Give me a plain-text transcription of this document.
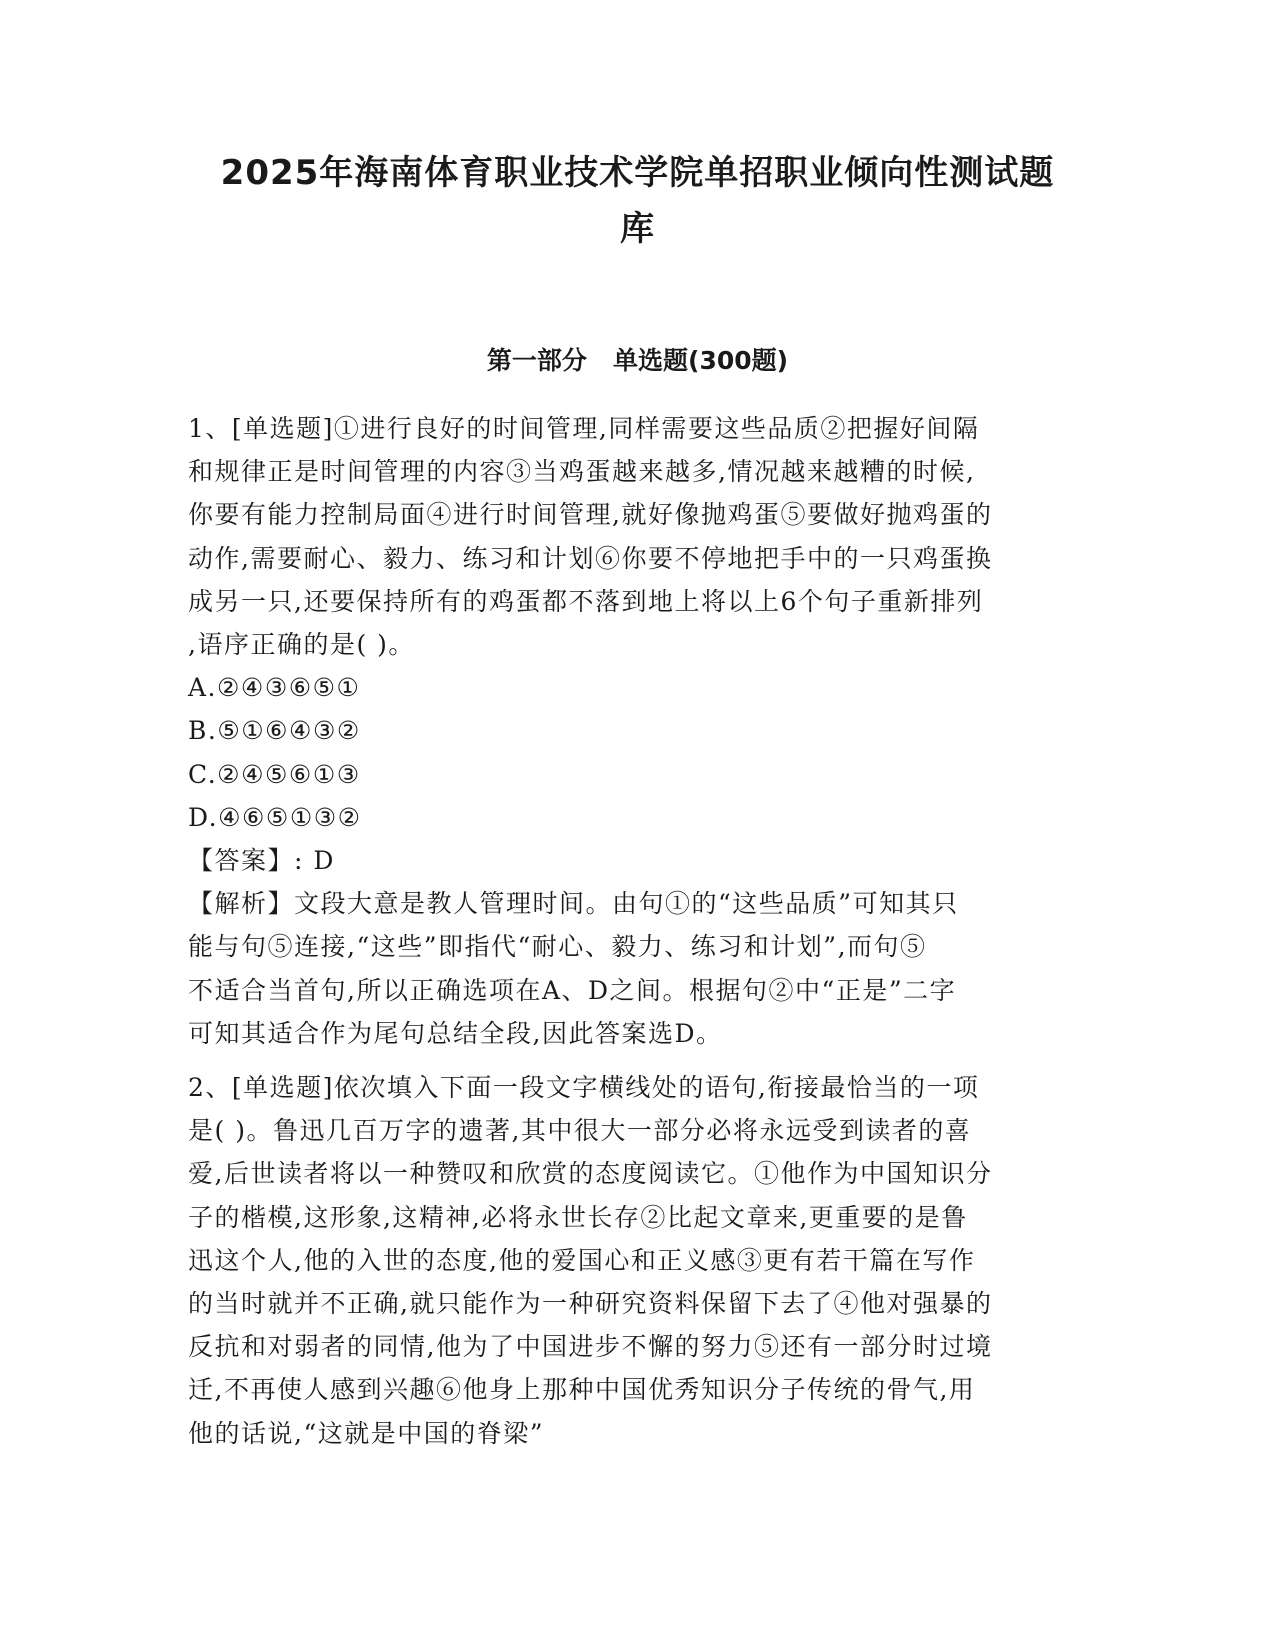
2025年海南体育职业技术学院单招职业倾向性测试题
库
第一部分   单选题(300题)
1、[单选题]①进行良好的时间管理,同样需要这些品质②把握好间隔
和规律正是时间管理的内容③当鸡蛋越来越多,情况越来越糟的时候,
你要有能力控制局面④进行时间管理,就好像抛鸡蛋⑤要做好抛鸡蛋的
动作,需要耐心、毅力、练习和计划⑥你要不停地把手中的一只鸡蛋换
成另一只,还要保持所有的鸡蛋都不落到地上将以上6个句子重新排列
,语序正确的是( )。
A.②④③⑥⑤①
B.⑤①⑥④③②
C.②④⑤⑥①③
D.④⑥⑤①③②
【答案】: D
【解析】文段大意是教人管理时间。由句①的“这些品质”可知其只
能与句⑤连接,“这些”即指代“耐心、毅力、练习和计划”,而句⑤
不适合当首句,所以正确选项在A、D之间。根据句②中“正是”二字
可知其适合作为尾句总结全段,因此答案选D。
2、[单选题]依次填入下面一段文字横线处的语句,衔接最恰当的一项
是( )。鲁迅几百万字的遗著,其中很大一部分必将永远受到读者的喜
爱,后世读者将以一种赞叹和欣赏的态度阅读它。①他作为中国知识分
子的楷模,这形象,这精神,必将永世长存②比起文章来,更重要的是鲁
迅这个人,他的入世的态度,他的爱国心和正义感③更有若干篇在写作
的当时就并不正确,就只能作为一种研究资料保留下去了④他对强暴的
反抗和对弱者的同情,他为了中国进步不懈的努力⑤还有一部分时过境
迁,不再使人感到兴趣⑥他身上那种中国优秀知识分子传统的骨气,用
他的话说,“这就是中国的脊梁”
